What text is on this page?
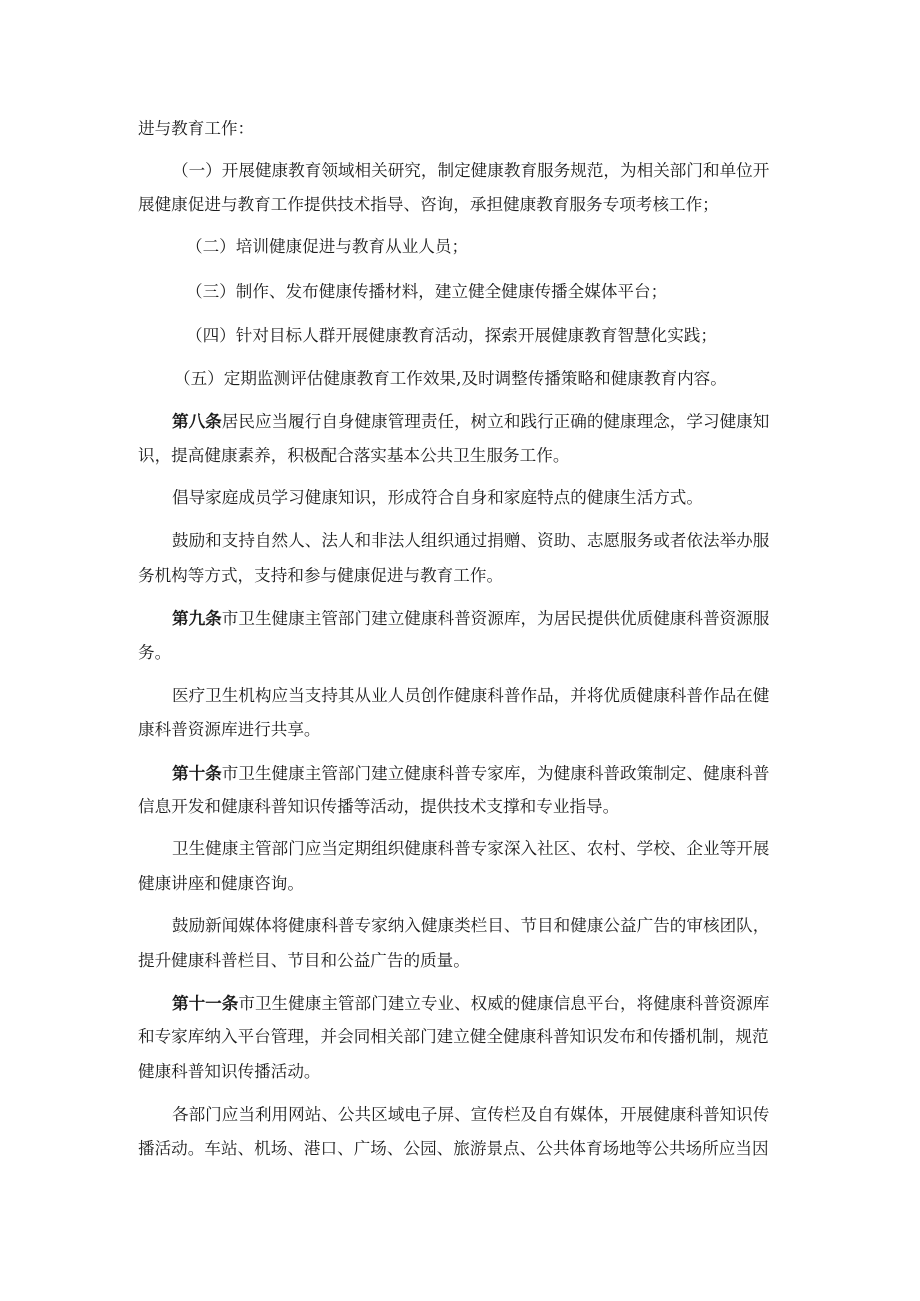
进与教育工作：
（一）开展健康教育领域相关研究，制定健康教育服务规范，为相关部门和单位开
展健康促进与教育工作提供技术指导、咨询，承担健康教育服务专项考核工作；
（二）培训健康促进与教育从业人员；
（三）制作、发布健康传播材料，建立健全健康传播全媒体平台；
（四）针对目标人群开展健康教育活动，探索开展健康教育智慧化实践；
（五）定期监测评估健康教育工作效果,及时调整传播策略和健康教育内容。
第八条居民应当履行自身健康管理责任，树立和践行正确的健康理念，学习健康知
识，提高健康素养，积极配合落实基本公共卫生服务工作。
倡导家庭成员学习健康知识，形成符合自身和家庭特点的健康生活方式。
鼓励和支持自然人、法人和非法人组织通过捐赠、资助、志愿服务或者依法举办服
务机构等方式，支持和参与健康促进与教育工作。
第九条市卫生健康主管部门建立健康科普资源库，为居民提供优质健康科普资源服
务。
医疗卫生机构应当支持其从业人员创作健康科普作品，并将优质健康科普作品在健
康科普资源库进行共享。
第十条市卫生健康主管部门建立健康科普专家库，为健康科普政策制定、健康科普
信息开发和健康科普知识传播等活动，提供技术支撑和专业指导。
卫生健康主管部门应当定期组织健康科普专家深入社区、农村、学校、企业等开展
健康讲座和健康咨询。
鼓励新闻媒体将健康科普专家纳入健康类栏目、节目和健康公益广告的审核团队，
提升健康科普栏目、节目和公益广告的质量。
第十一条市卫生健康主管部门建立专业、权威的健康信息平台，将健康科普资源库
和专家库纳入平台管理，并会同相关部门建立健全健康科普知识发布和传播机制，规范
健康科普知识传播活动。
各部门应当利用网站、公共区域电子屏、宣传栏及自有媒体，开展健康科普知识传
播活动。车站、机场、港口、广场、公园、旅游景点、公共体育场地等公共场所应当因
